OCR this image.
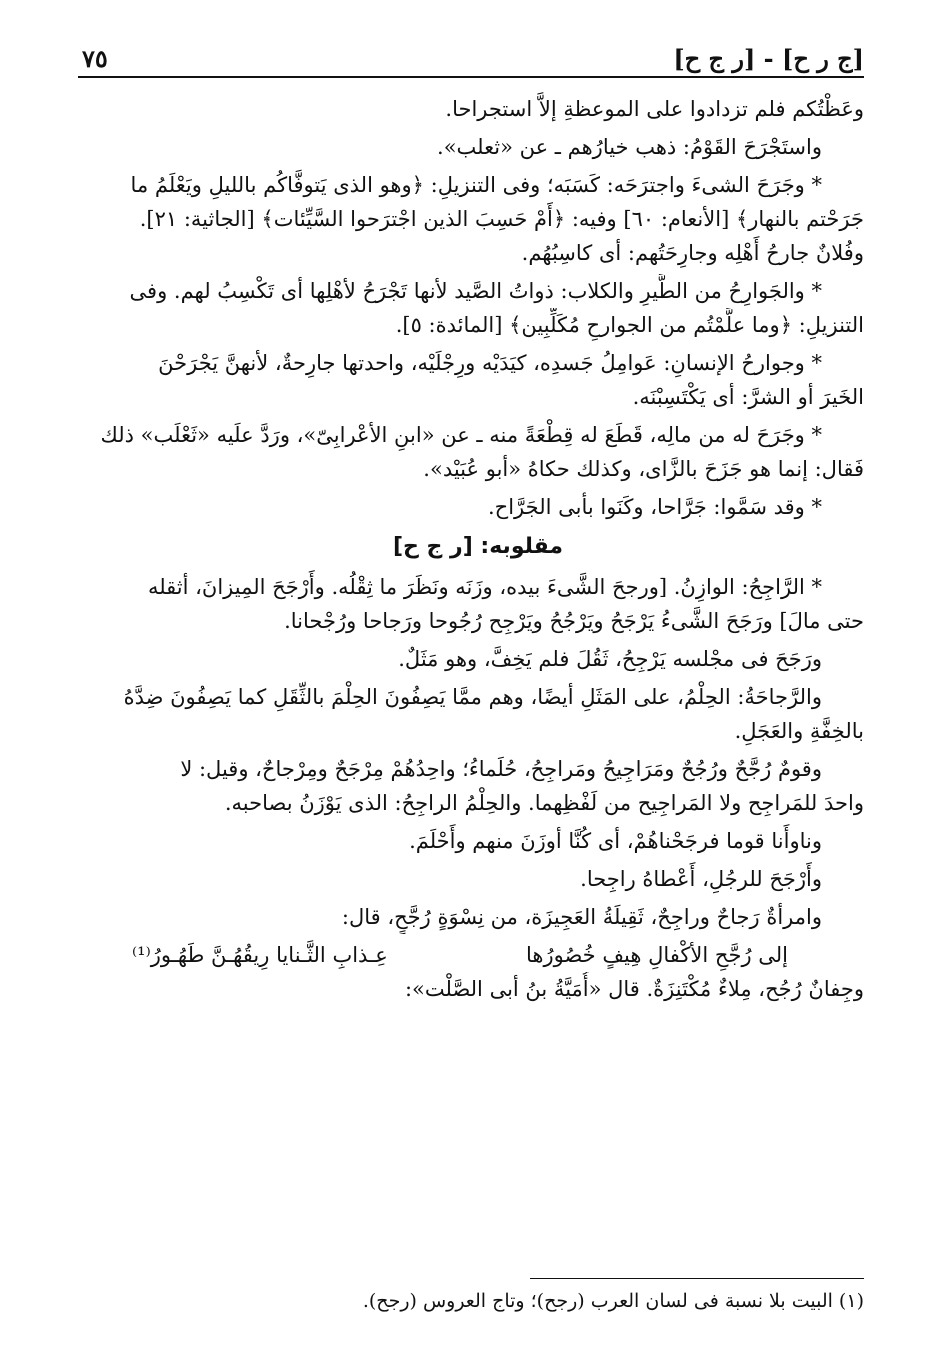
[ج ر ح] - [ر ج ح]
٧٥

وعَظْتُكم فلم تزدادوا على الموعظةِ إلاَّ استجراحا.

واستَجْرَحَ القَوْمُ: ذهب خيارُهم ـ عن «ثعلب».

* وجَرَحَ الشىءَ واجترَحَه: كَسَبَه؛ وفى التنزيلِ: ﴿وهو الذى يَتوفَّاكُم بالليلِ ويَعْلَمُ ما
جَرَحْتم بالنهار﴾ [الأنعام: ٦٠] وفيه: ﴿أَمْ حَسِبَ الذين اجْترَحوا السَّيِّئات﴾ [الجاثية: ٢١].
وفُلانٌ جارحُ أَهْلِه وجارِحَتُهم: أى كاسِبُهُم.

* والجَوارِحُ من الطَّيرِ والكلاب: ذواتُ الصَّيد لأنها تَجْرَحُ لأهْلِها أى تَكْسِبُ لهم. وفى
التنزيلِ: ﴿وما علَّمْتُم من الجوارحِ مُكَلِّبِين﴾ [المائدة: ٥].

* وجوارحُ الإنسانِ: عَوامِلُ جَسدِه، كيَدَيْه ورِجْلَيْه، واحدتها جارِحةٌ، لأنهنَّ يَجْرَحْنَ
الخَيرَ أو الشرَّ: أى يَكْتَسِبْنَه.

* وجَرَحَ له من مالِه، قَطَعَ له قِطْعَةً منه ـ عن «ابنِ الأعْرابِىّ»، ورَدَّ علَيه «ثَعْلَب» ذلك
فَقال: إنما هو جَزَحَ بالزَّاى، وكذلك حكاهُ «أبو عُبَيْد».

* وقد سَمَّوا: جَرَّاحا، وكَنَوا بأبى الجَرَّاح.

مقلوبه: [ر ج ح]

* الرَّاجِحُ: الوازِنُ. [ورجحَ الشَّىءَ بيده، وزَنَه ونَظَرَ ما ثِقْلُه. وأَرْجَحَ المِيزانَ، أثقله
حتى مالَ] ورَجَحَ الشَّىءُ يَرْجَحُ ويَرْجُحُ ويَرْجِح رُجُوحا ورَجاحا ورُجْحانا.

ورَجَحَ فى مجْلسه يَرْجِحُ، ثَقُلَ فلم يَخِفَّ، وهو مَثَلٌ.

والرَّجاحَةُ: الحِلْمُ، على المَثَلِ أيضًا، وهم ممَّا يَصِفُونَ الحِلْمَ بالثِّقَلِ كما يَصِفُونَ ضِدَّهُ
بالخِفَّةِ والعَجَلِ.

وقومٌ رُجَّحٌ ورُجُحٌ ومَرَاجِيحُ ومَراجِحُ، حُلَماءُ؛ واحِدُهُمْ مِرْجَحٌ ومِرْجاحٌ، وقيل: لا
واحدَ للمَراجِح ولا المَراجِيح من لَفْظِهما. والحِلْمُ الراجِحُ: الذى يَوْزَنُ بصاحبه.

وناوأَنا قوما فرجَحْناهُمْ، أى كُنَّا أوزَنَ منهم وأَحْلَمَ.

وأَرْجَحَ للرجُلِ، أَعْطاهُ راجِحا.

وامرأةٌ رَجاحٌ وراجِحٌ، ثَقِيلَةُ العَجِيزَة، من نِسْوَةٍ رُجَّحٍ، قال:

إلى رُجَّحِ الأكْفالِ هِيفٍ خُصُورُها
عِـذابِ الثَّـنايا رِيقُهُـنَّ طَهُـورُ⁽¹⁾

وجِفانٌ رُجُح، مِلاءٌ مُكْتَنِزَةٌ. قال «أُمَيَّةُ بنُ أبى الصَّلْت»:

(١) البيت بلا نسبة فى لسان العرب (رجح)؛ وتاج العروس (رجح).
